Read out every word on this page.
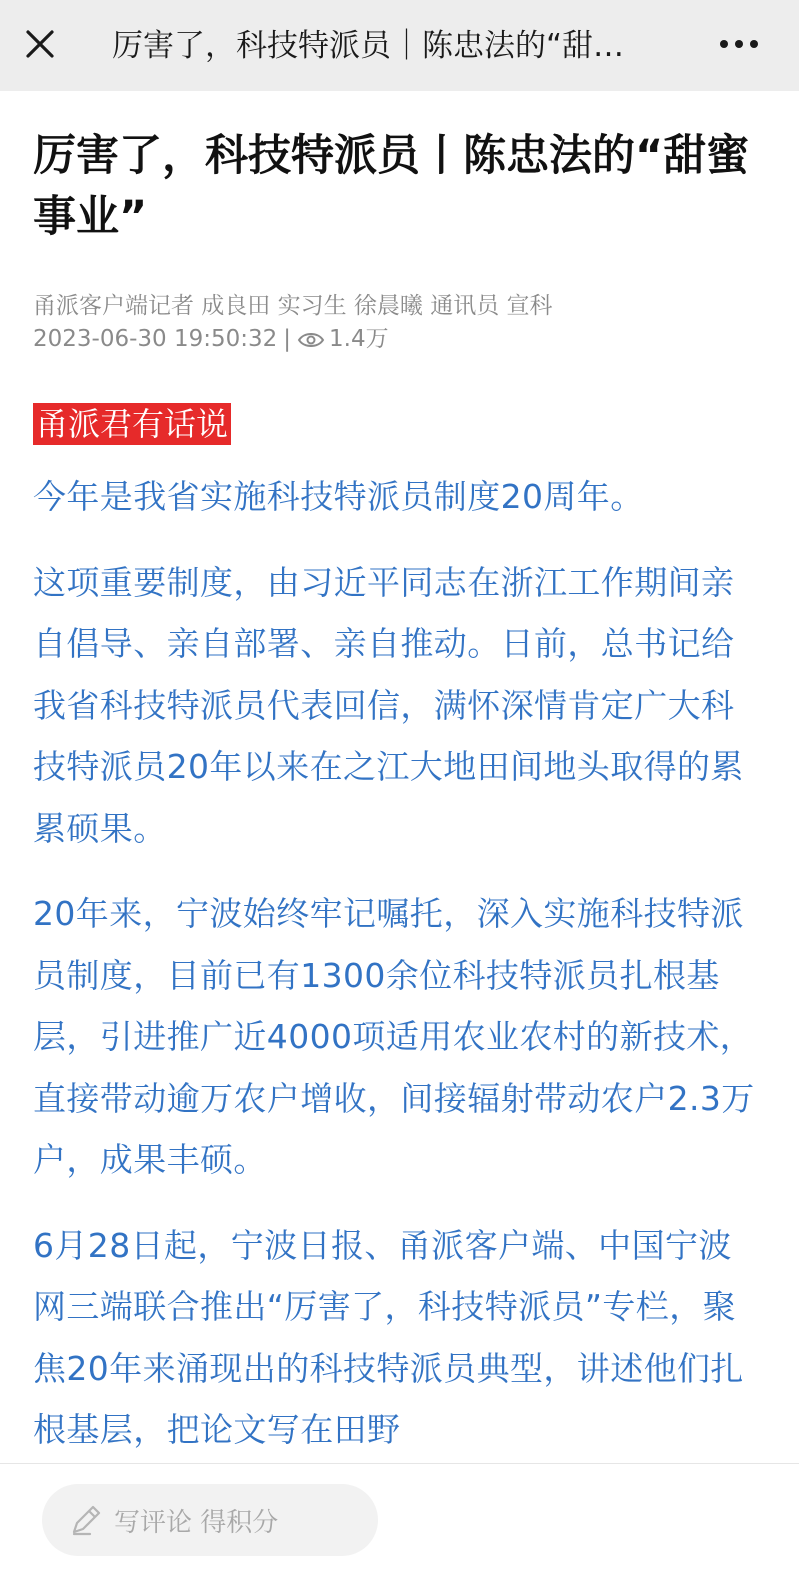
厉害了，科技特派员｜陈忠法的“甜…
厉害了，科技特派员丨陈忠法的“甜蜜事业”
甬派客户端记者 成良田 实习生 徐晨曦 通讯员 宣科
2023-06-30 19:50:32 | 1.4万
甬派君有话说

今年是我省实施科技特派员制度20周年。

这项重要制度，由习近平同志在浙江工作期间亲自倡导、亲自部署、亲自推动。日前，总书记给我省科技特派员代表回信，满怀深情肯定广大科技特派员20年以来在之江大地田间地头取得的累累硕果。

20年来，宁波始终牢记嘱托，深入实施科技特派员制度，目前已有1300余位科技特派员扎根基层，引进推广近4000项适用农业农村的新技术，直接带动逾万农户增收，间接辐射带动农户2.3万户，成果丰硕。

6月28日起，宁波日报、甬派客户端、中国宁波网三端联合推出“厉害了，科技特派员”专栏，聚焦20年来涌现出的科技特派员典型，讲述他们扎根基层，把论文写在田野

写评论 得积分
